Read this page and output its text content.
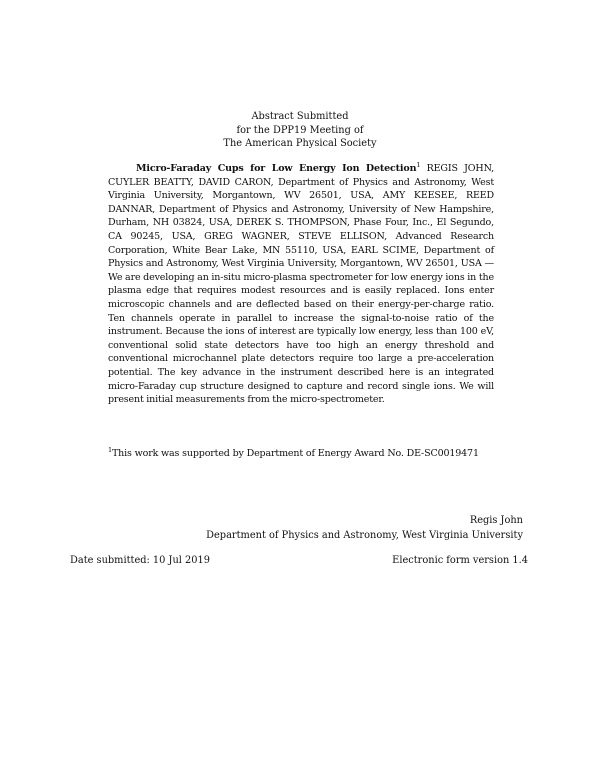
Abstract Submitted
for the DPP19 Meeting of
The American Physical Society
Micro-Faraday Cups for Low Energy Ion Detection$^1$ REGIS JOHN, CUYLER BEATTY, DAVID CARON, Department of Physics and Astronomy, West Virginia University, Morgantown, WV 26501, USA, AMY KEESEE, REED DANNAR, Department of Physics and Astronomy, University of New Hampshire, Durham, NH 03824, USA, DEREK S. THOMPSON, Phase Four, Inc., El Segundo, CA 90245, USA, GREG WAGNER, STEVE ELLISON, Advanced Research Corporation, White Bear Lake, MN 55110, USA, EARL SCIME, Department of Physics and Astronomy, West Virginia University, Morgantown, WV 26501, USA — We are developing an in-situ micro-plasma spectrometer for low energy ions in the plasma edge that requires modest resources and is easily replaced. Ions enter microscopic channels and are deflected based on their energy-per-charge ratio. Ten channels operate in parallel to increase the signal-to-noise ratio of the instrument. Because the ions of interest are typically low energy, less than 100 eV, conventional solid state detectors have too high an energy threshold and conventional microchannel plate detectors require too large a pre-acceleration potential. The key advance in the instrument described here is an integrated micro-Faraday cup structure designed to capture and record single ions. We will present initial measurements from the micro-spectrometer.
$^1$This work was supported by Department of Energy Award No. DE-SC0019471
Regis John
Department of Physics and Astronomy, West Virginia University
Date submitted: 10 Jul 2019	Electronic form version 1.4
